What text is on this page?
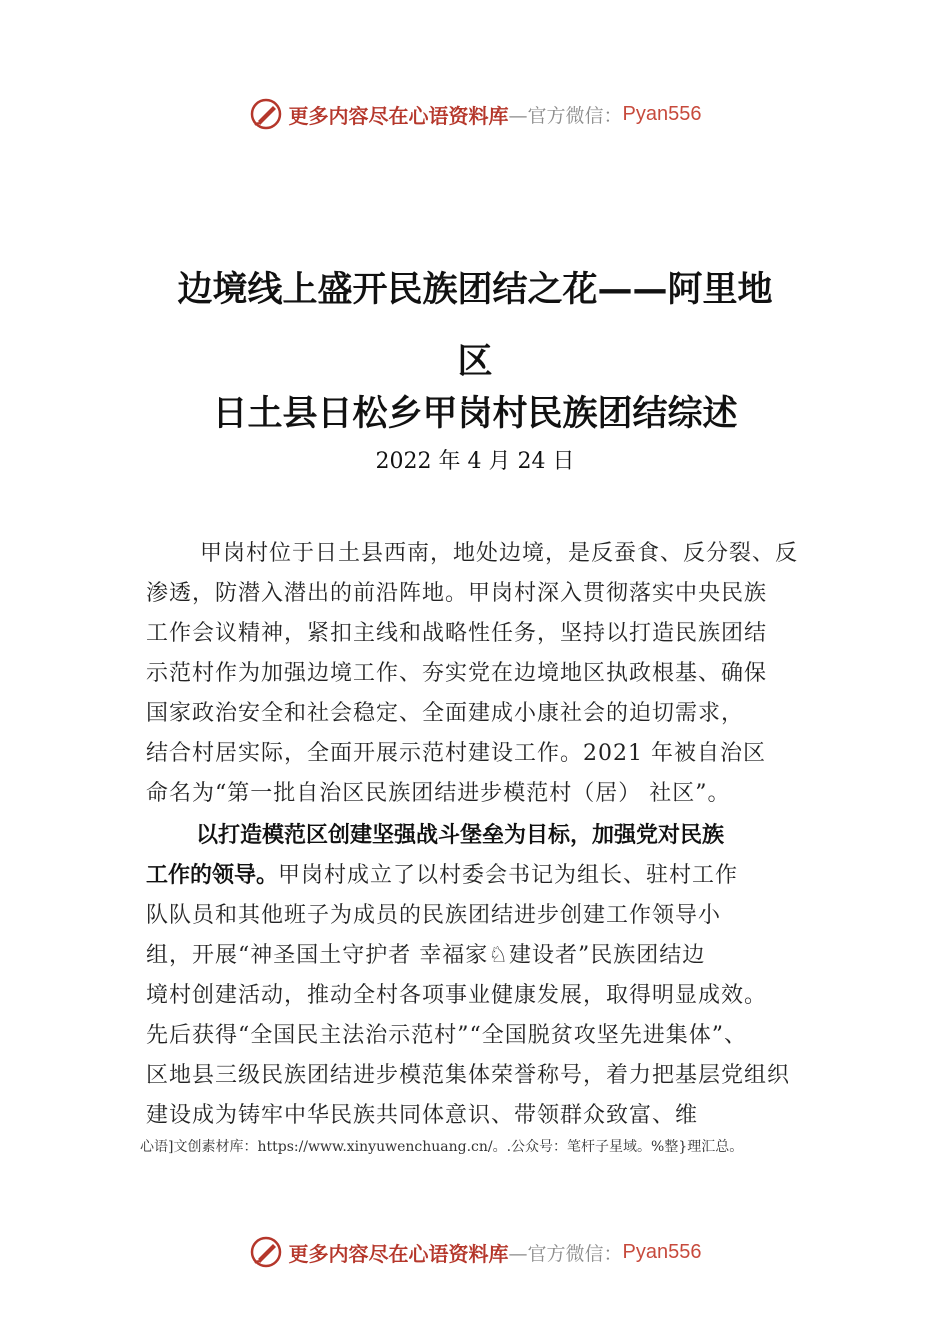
更多内容尽在心语资料库 —官方微信： Pyan556
边境线上盛开民族团结之花——阿里地
区
日土县日松乡甲岗村民族团结综述
2022 年 4 月 24 日
甲岗村位于日土县西南，地处边境，是反蚕食、反分裂、反
渗透，防潜入潜出的前沿阵地。甲岗村深入贯彻落实中央民族
工作会议精神，紧扣主线和战略性任务，坚持以打造民族团结
示范村作为加强边境工作、夯实党在边境地区执政根基、确保
国家政治安全和社会稳定、全面建成小康社会的迫切需求，
结合村居实际，全面开展示范村建设工作。2021 年被自治区
命名为“第一批自治区民族团结进步模范村（居） 社区”。
以打造模范区创建坚强战斗堡垒为目标，加强党对民族
工作的领导。甲岗村成立了以村委会书记为组长、驻村工作
队队员和其他班子为成员的民族团结进步创建工作领导小
组，开展“神圣国土守护者 幸福家♘建设者”民族团结边
境村创建活动，推动全村各项事业健康发展，取得明显成效。
先后获得“全国民主法治示范村”“全国脱贫攻坚先进集体”、
区地县三级民族团结进步模范集体荣誉称号，着力把基层党组织
建设成为铸牢中华民族共同体意识、带领群众致富、维
心语]文创素材库：https://www.xinyuwenchuang.cn/。.公众号：笔杆子星域。%整}理汇总。
更多内容尽在心语资料库 —官方微信： Pyan556
